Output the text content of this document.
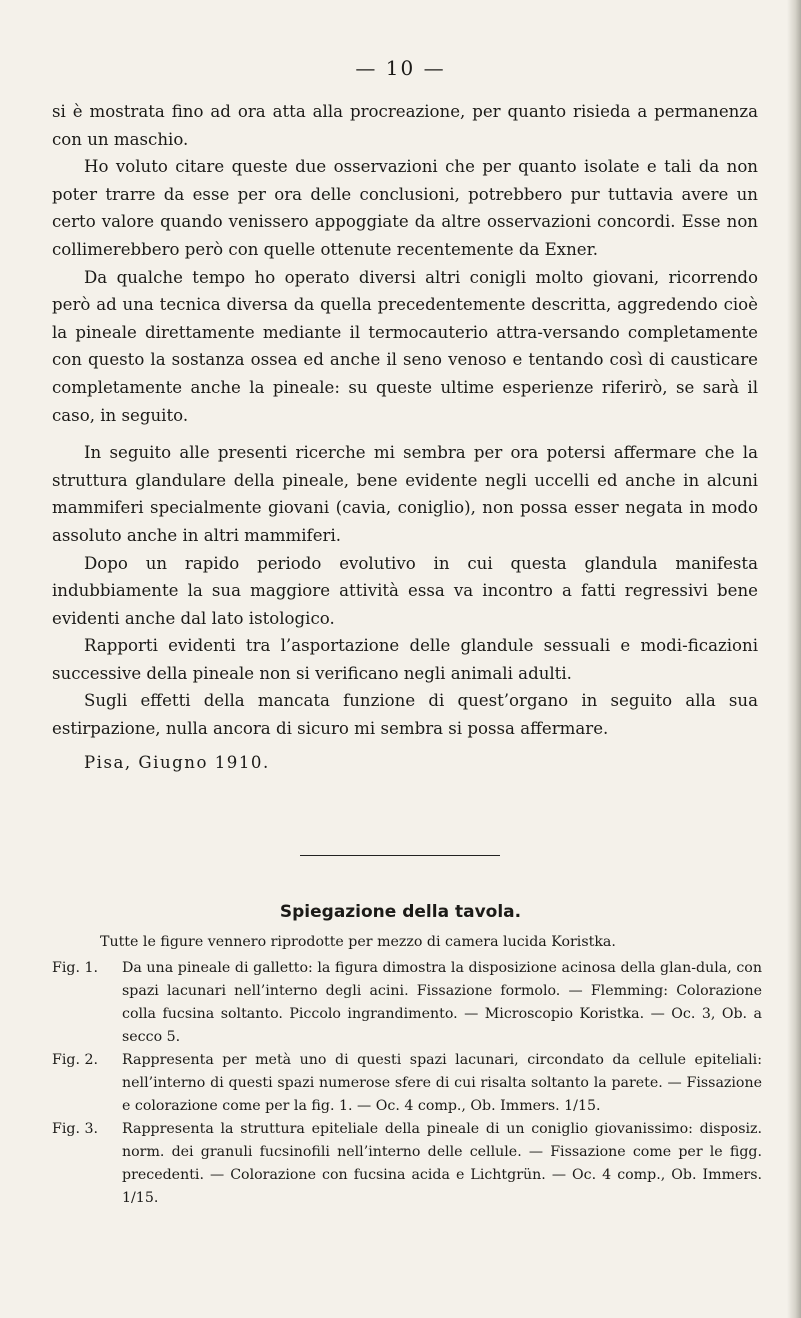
— 10 —

si è mostrata fino ad ora atta alla procreazione, per quanto risieda a permanenza con un maschio.

Ho voluto citare queste due osservazioni che per quanto isolate e tali da non poter trarre da esse per ora delle conclusioni, potrebbero pur tuttavia avere un certo valore quando venissero appoggiate da altre osservazioni concordi. Esse non collimerebbero però con quelle ottenute recentemente da Exner.

Da qualche tempo ho operato diversi altri conigli molto giovani, ricorrendo però ad una tecnica diversa da quella precedentemente descritta, aggredendo cioè la pineale direttamente mediante il termocauterio attra-versando completamente con questo la sostanza ossea ed anche il seno venoso e tentando così di causticare completamente anche la pineale: su queste ultime esperienze riferirò, se sarà il caso, in seguito.

In seguito alle presenti ricerche mi sembra per ora potersi affermare che la struttura glandulare della pineale, bene evidente negli uccelli ed anche in alcuni mammiferi specialmente giovani (cavia, coniglio), non possa esser negata in modo assoluto anche in altri mammiferi.

Dopo un rapido periodo evolutivo in cui questa glandula manifesta indubbiamente la sua maggiore attività essa va incontro a fatti regressivi bene evidenti anche dal lato istologico.

Rapporti evidenti tra l’asportazione delle glandule sessuali e modi-ficazioni successive della pineale non si verificano negli animali adulti.

Sugli effetti della mancata funzione di quest’organo in seguito alla sua estirpazione, nulla ancora di sicuro mi sembra si possa affermare.

Pisa, Giugno 1910.

Spiegazione della tavola.

Tutte le figure vennero riprodotte per mezzo di camera lucida Koristka.

Fig. 1.	Da una pineale di galletto: la figura dimostra la disposizione acinosa della glan-dula, con spazi lacunari nell’interno degli acini. Fissazione formolo. — Flemming: Colorazione colla fucsina soltanto. Piccolo ingrandimento. — Microscopio Koristka. — Oc. 3, Ob. a secco 5.
Fig. 2.	Rappresenta per metà uno di questi spazi lacunari, circondato da cellule epiteliali: nell’interno di questi spazi numerose sfere di cui risalta soltanto la parete. — Fissazione e colorazione come per la fig. 1. — Oc. 4 comp., Ob. Immers. 1/15.
Fig. 3.	Rappresenta la struttura epiteliale della pineale di un coniglio giovanissimo: disposiz. norm. dei granuli fucsinofili nell’interno delle cellule. — Fissazione come per le figg. precedenti. — Colorazione con fucsina acida e Lichtgrün. — Oc. 4 comp., Ob. Immers. 1/15.
